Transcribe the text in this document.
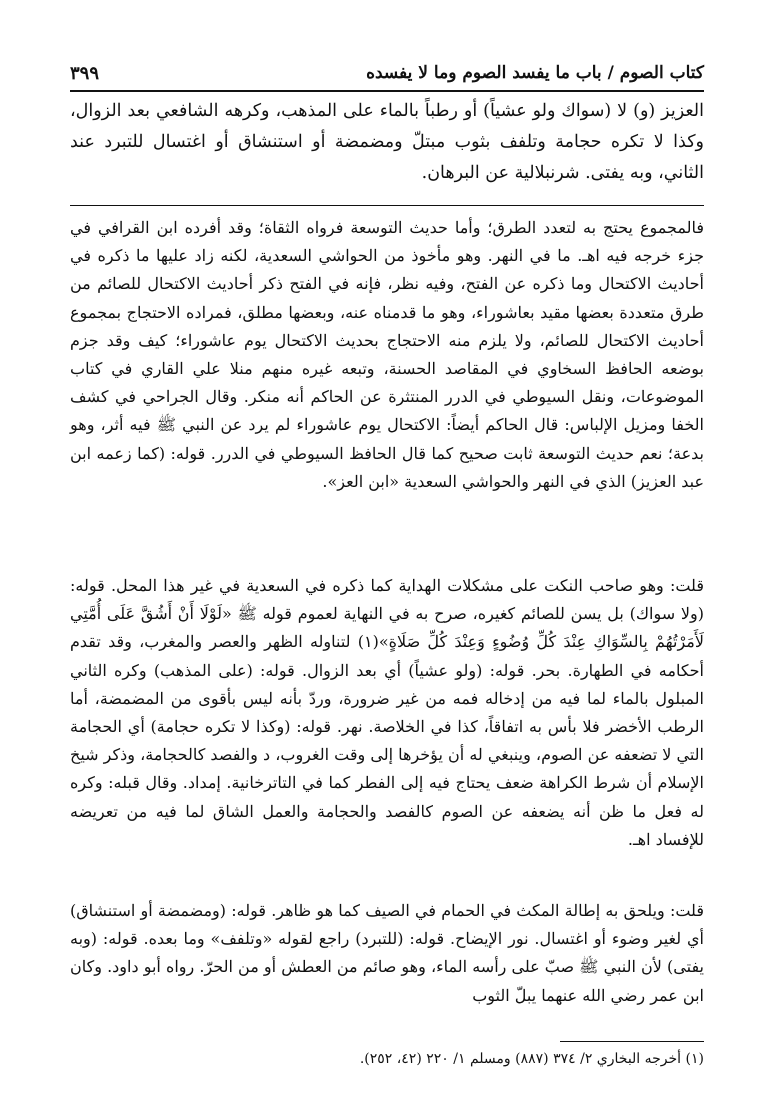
كتاب الصوم / باب ما يفسد الصوم وما لا يفسده
٣٩٩

العزيز (و) لا (سواك ولو عشياً) أو رطباً بالماء على المذهب، وكرهه الشافعي بعد الزوال، وكذا لا تكره حجامة وتلفف بثوب مبتلّ ومضمضة أو استنشاق أو اغتسال للتبرد عند الثاني، وبه يفتى. شرنبلالية عن البرهان.

فالمجموع يحتج به لتعدد الطرق؛ وأما حديث التوسعة فرواه الثقاة؛ وقد أفرده ابن القرافي في جزء خرجه فيه اهـ. ما في النهر. وهو مأخوذ من الحواشي السعدية، لكنه زاد عليها ما ذكره في أحاديث الاكتحال وما ذكره عن الفتح، وفيه نظر، فإنه في الفتح ذكر أحاديث الاكتحال للصائم من طرق متعددة بعضها مقيد بعاشوراء، وهو ما قدمناه عنه، وبعضها مطلق، فمراده الاحتجاج بمجموع أحاديث الاكتحال للصائم، ولا يلزم منه الاحتجاج بحديث الاكتحال يوم عاشوراء؛ كيف وقد جزم بوضعه الحافظ السخاوي في المقاصد الحسنة، وتبعه غيره منهم منلا علي القاري في كتاب الموضوعات، ونقل السيوطي في الدرر المنتثرة عن الحاكم أنه منكر. وقال الجراحي في كشف الخفا ومزيل الإلباس: قال الحاكم أيضاً: الاكتحال يوم عاشوراء لم يرد عن النبي ﷺ فيه أثر، وهو بدعة؛ نعم حديث التوسعة ثابت صحيح كما قال الحافظ السيوطي في الدرر. قوله: (كما زعمه ابن عبد العزيز) الذي في النهر والحواشي السعدية «ابن العز».

قلت: وهو صاحب النكت على مشكلات الهداية كما ذكره في السعدية في غير هذا المحل. قوله: (ولا سواك) بل يسن للصائم كغيره، صرح به في النهاية لعموم قوله ﷺ «لَوْلَا أَنْ أَشُقَّ عَلَى أُمَّتِي لَأَمَرْتُهُمْ بِالسِّوَاكِ عِنْدَ كُلِّ وُضُوءٍ وَعِنْدَ كُلِّ صَلَاةٍ»(١) لتناوله الظهر والعصر والمغرب، وقد تقدم أحكامه في الطهارة. بحر. قوله: (ولو عشياً) أي بعد الزوال. قوله: (على المذهب) وكره الثاني المبلول بالماء لما فيه من إدخاله فمه من غير ضرورة، وردّ بأنه ليس بأقوى من المضمضة، أما الرطب الأخضر فلا بأس به اتفاقاً، كذا في الخلاصة. نهر. قوله: (وكذا لا تكره حجامة) أي الحجامة التي لا تضعفه عن الصوم، وينبغي له أن يؤخرها إلى وقت الغروب، د والفصد كالحجامة، وذكر شيخ الإسلام أن شرط الكراهة ضعف يحتاج فيه إلى الفطر كما في التاترخانية. إمداد. وقال قبله: وكره له فعل ما ظن أنه يضعفه عن الصوم كالفصد والحجامة والعمل الشاق لما فيه من تعريضه للإفساد اهـ.

قلت: ويلحق به إطالة المكث في الحمام في الصيف كما هو ظاهر. قوله: (ومضمضة أو استنشاق) أي لغير وضوء أو اغتسال. نور الإيضاح. قوله: (للتبرد) راجع لقوله «وتلفف» وما بعده. قوله: (وبه يفتى) لأن النبي ﷺ صبّ على رأسه الماء، وهو صائم من العطش أو من الحرّ. رواه أبو داود. وكان ابن عمر رضي الله عنهما يبلّ الثوب

(١) أخرجه البخاري ٢/ ٣٧٤ (٨٨٧) ومسلم ١/ ٢٢٠ (٤٢، ٢٥٢).
